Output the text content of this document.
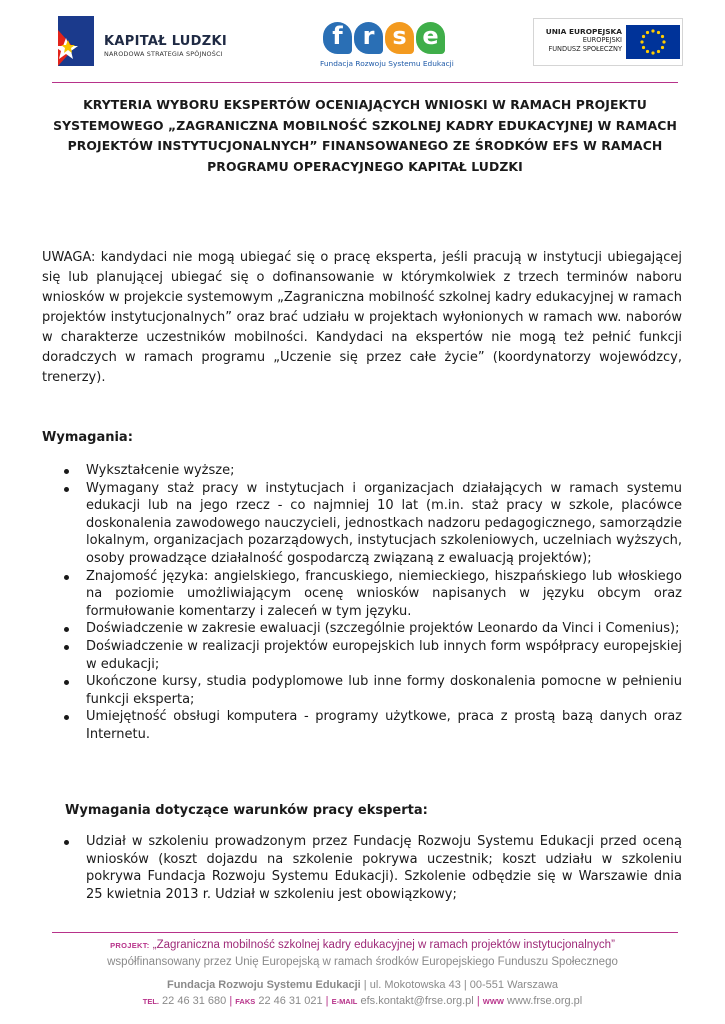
KAPITAŁ LUDZKI
NARODOWA STRATEGIA SPÓJNOŚCI
f r s e
Fundacja Rozwoju Systemu Edukacji
UNIA EUROPEJSKA
EUROPEJSKI
FUNDUSZ SPOŁECZNY
KRYTERIA WYBORU EKSPERTÓW OCENIAJĄCYCH WNIOSKI W RAMACH PROJEKTU SYSTEMOWEGO „ZAGRANICZNA MOBILNOŚĆ SZKOLNEJ KADRY EDUKACYJNEJ W RAMACH PROJEKTÓW INSTYTUCJONALNYCH” FINANSOWANEGO ZE ŚRODKÓW EFS W RAMACH PROGRAMU OPERACYJNEGO KAPITAŁ LUDZKI
UWAGA: kandydaci nie mogą ubiegać się o pracę eksperta, jeśli pracują w instytucji ubiegającej się lub planującej ubiegać się o dofinansowanie w którymkolwiek z trzech terminów naboru wniosków w projekcie systemowym „Zagraniczna mobilność szkolnej kadry edukacyjnej w ramach projektów instytucjonalnych” oraz brać udziału w projektach wyłonionych w ramach ww. naborów w charakterze uczestników mobilności. Kandydaci na ekspertów nie mogą też pełnić funkcji doradczych w ramach programu „Uczenie się przez całe życie” (koordynatorzy wojewódzcy, trenerzy).
Wymagania:
Wykształcenie wyższe;
Wymagany staż pracy w instytucjach i organizacjach działających w ramach systemu edukacji lub na jego rzecz - co najmniej 10 lat (m.in. staż pracy w szkole, placówce doskonalenia zawodowego nauczycieli, jednostkach nadzoru pedagogicznego, samorządzie lokalnym, organizacjach pozarządowych, instytucjach szkoleniowych, uczelniach wyższych, osoby prowadzące działalność gospodarczą związaną z ewaluacją projektów);
Znajomość języka: angielskiego, francuskiego, niemieckiego, hiszpańskiego lub włoskiego na poziomie umożliwiającym ocenę wniosków napisanych w języku obcym oraz formułowanie komentarzy i zaleceń w tym języku.
Doświadczenie w zakresie ewaluacji (szczególnie projektów Leonardo da Vinci i Comenius);
Doświadczenie w realizacji projektów europejskich lub innych form współpracy europejskiej w edukacji;
Ukończone kursy, studia podyplomowe lub inne formy doskonalenia pomocne w pełnieniu funkcji eksperta;
Umiejętność obsługi komputera - programy użytkowe, praca z prostą bazą danych oraz Internetu.
Wymagania dotyczące warunków pracy eksperta:
Udział w szkoleniu prowadzonym przez Fundację Rozwoju Systemu Edukacji przed oceną wniosków (koszt dojazdu na szkolenie pokrywa uczestnik; koszt udziału w szkoleniu pokrywa Fundacja Rozwoju Systemu Edukacji). Szkolenie odbędzie się w Warszawie dnia 25 kwietnia 2013 r. Udział w szkoleniu jest obowiązkowy;
PROJEKT: „Zagraniczna mobilność szkolnej kadry edukacyjnej w ramach projektów instytucjonalnych”
współfinansowany przez Unię Europejską w ramach środków Europejskiego Funduszu Społecznego
Fundacja Rozwoju Systemu Edukacji | ul. Mokotowska 43 | 00-551 Warszawa
TEL. 22 46 31 680 | FAKS 22 46 31 021 | E-MAIL efs.kontakt@frse.org.pl | WWW www.frse.org.pl
